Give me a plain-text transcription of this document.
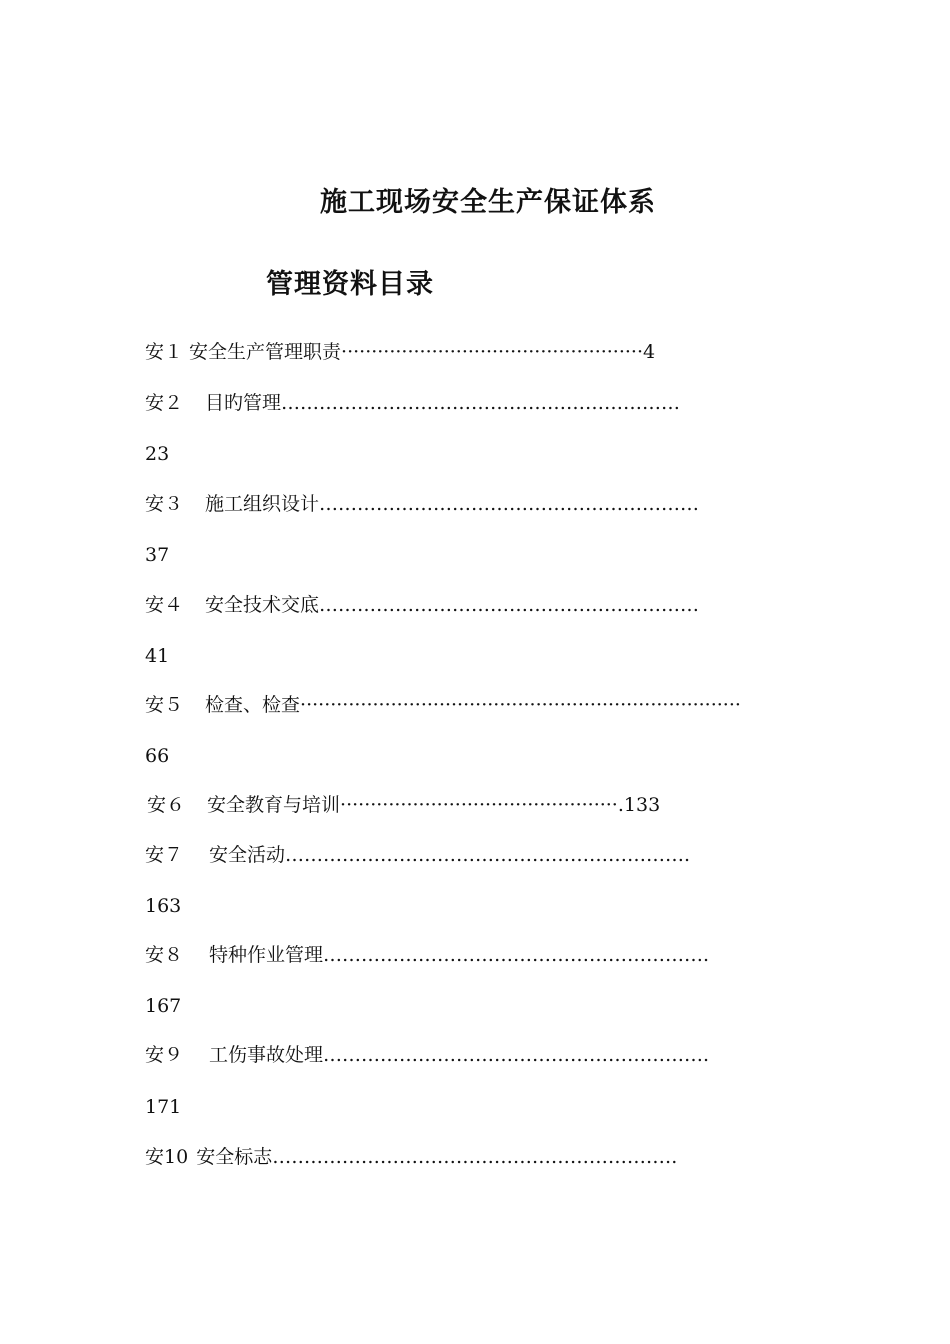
施工现场安全生产保证体系
管理资料目录
安１ 安全生产管理职责··················································4
安２ 目旳管理………………………………………………………
23
安３ 施工组织设计……………………………………………………
37
安４ 安全技术交底……………………………………………………
41
安５ 检查、检查·········································································
66
安６ 安全教育与培训··············································.133
安７ 安全活动……………………………………………………….
163
安８ 特种作业管理…………………………………………………….
167
安９ 工伤事故处理…………………………………………………….
171
安10 安全标志……………………………………………………….
